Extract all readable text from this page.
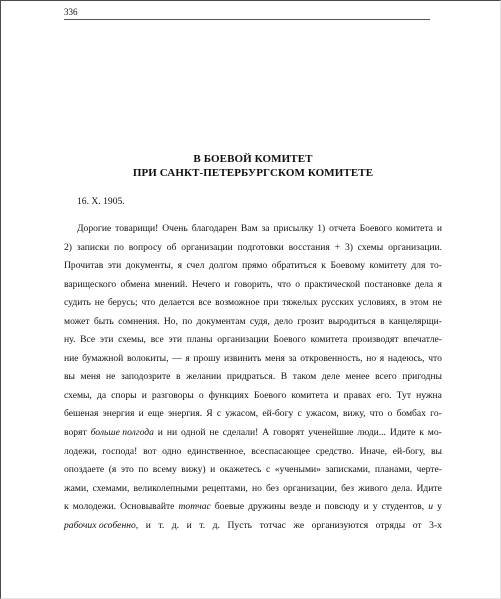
336
В БОЕВОЙ КОМИТЕТ
ПРИ САНКТ-ПЕТЕРБУРГСКОМ КОМИТЕТЕ
16. X. 1905.
Дорогие товарищи! Очень благодарен Вам за присылку 1) отчета Боевого комитета и
2) записки по вопросу об организации подготовки восстания + 3) схемы организации.
Прочитав эти документы, я счел долгом прямо обратиться к Боевому комитету для то-
варищеского обмена мнений. Нечего и говорить, что о практической постановке дела я
судить не берусь; что делается все возможное при тяжелых русских условиях, в этом не
может быть сомнения. Но, по документам судя, дело грозит выродиться в канцелярщи-
ну. Все эти схемы, все эти планы организации Боевого комитета производят впечатле-
ние бумажной волокиты, — я прошу извинить меня за откровенность, но я надеюсь, что
вы меня не заподозрите в желании придраться. В таком деле менее всего пригодны
схемы, да споры и разговоры о функциях Боевого комитета и правах его. Тут нужна
бешеная энергия и еще энергия. Я с ужасом, ей-богу с ужасом, вижу, что о бомбах го-
ворят больше полгода и ни одной не сделали! А говорят ученейшие люди... Идите к мо-
лодежи, господа! вот одно единственное, всеспасающее средство. Иначе, ей-богу, вы
опоздаете (я это по всему вижу) и окажетесь с «учеными» записками, планами, черте-
жами, схемами, великолепными рецептами, но без организации, без живого дела. Идите
к молодежи. Основывайте тотчас боевые дружины везде и повсюду и у студентов, и у
рабочих особенно, и т. д. и т. д. Пусть тотчас же организуются отряды от 3-х
